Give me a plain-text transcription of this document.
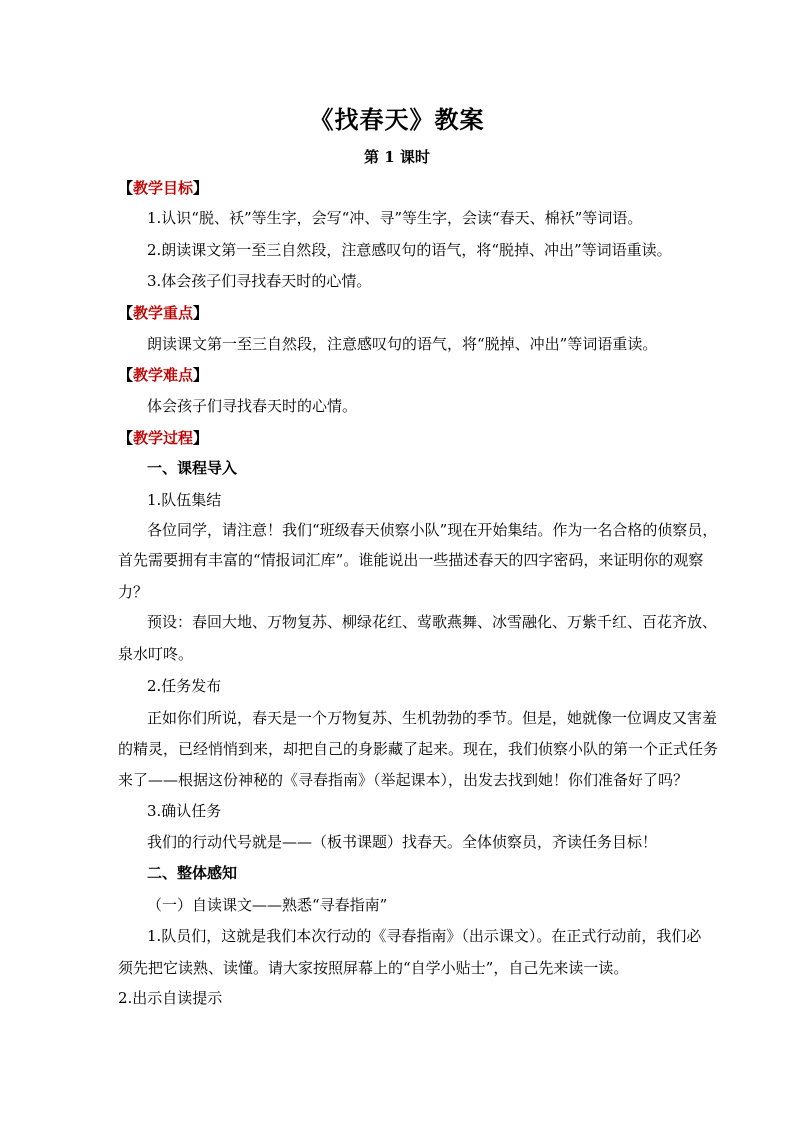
《找春天》教案
第 1 课时
【教学目标】
1.认识“脱、袄”等生字，会写“冲、寻”等生字，会读“春天、棉袄”等词语。
2.朗读课文第一至三自然段，注意感叹句的语气，将“脱掉、冲出”等词语重读。
3.体会孩子们寻找春天时的心情。
【教学重点】
朗读课文第一至三自然段，注意感叹句的语气，将“脱掉、冲出”等词语重读。
【教学难点】
体会孩子们寻找春天时的心情。
【教学过程】
一、课程导入
1.队伍集结
各位同学，请注意！我们“班级春天侦察小队”现在开始集结。作为一名合格的侦察员，
首先需要拥有丰富的“情报词汇库”。谁能说出一些描述春天的四字密码，来证明你的观察
力？
预设：春回大地、万物复苏、柳绿花红、莺歌燕舞、冰雪融化、万紫千红、百花齐放、
泉水叮咚。
2.任务发布
正如你们所说，春天是一个万物复苏、生机勃勃的季节。但是，她就像一位调皮又害羞
的精灵，已经悄悄到来，却把自己的身影藏了起来。现在，我们侦察小队的第一个正式任务
来了——根据这份神秘的《寻春指南》（举起课本），出发去找到她！你们准备好了吗？
3.确认任务
我们的行动代号就是——（板书课题）找春天。全体侦察员，齐读任务目标！
二、整体感知
（一）自读课文——熟悉“寻春指南”
1.队员们，这就是我们本次行动的《寻春指南》（出示课文）。在正式行动前，我们必
须先把它读熟、读懂。请大家按照屏幕上的“自学小贴士”，自己先来读一读。
2.出示自读提示
